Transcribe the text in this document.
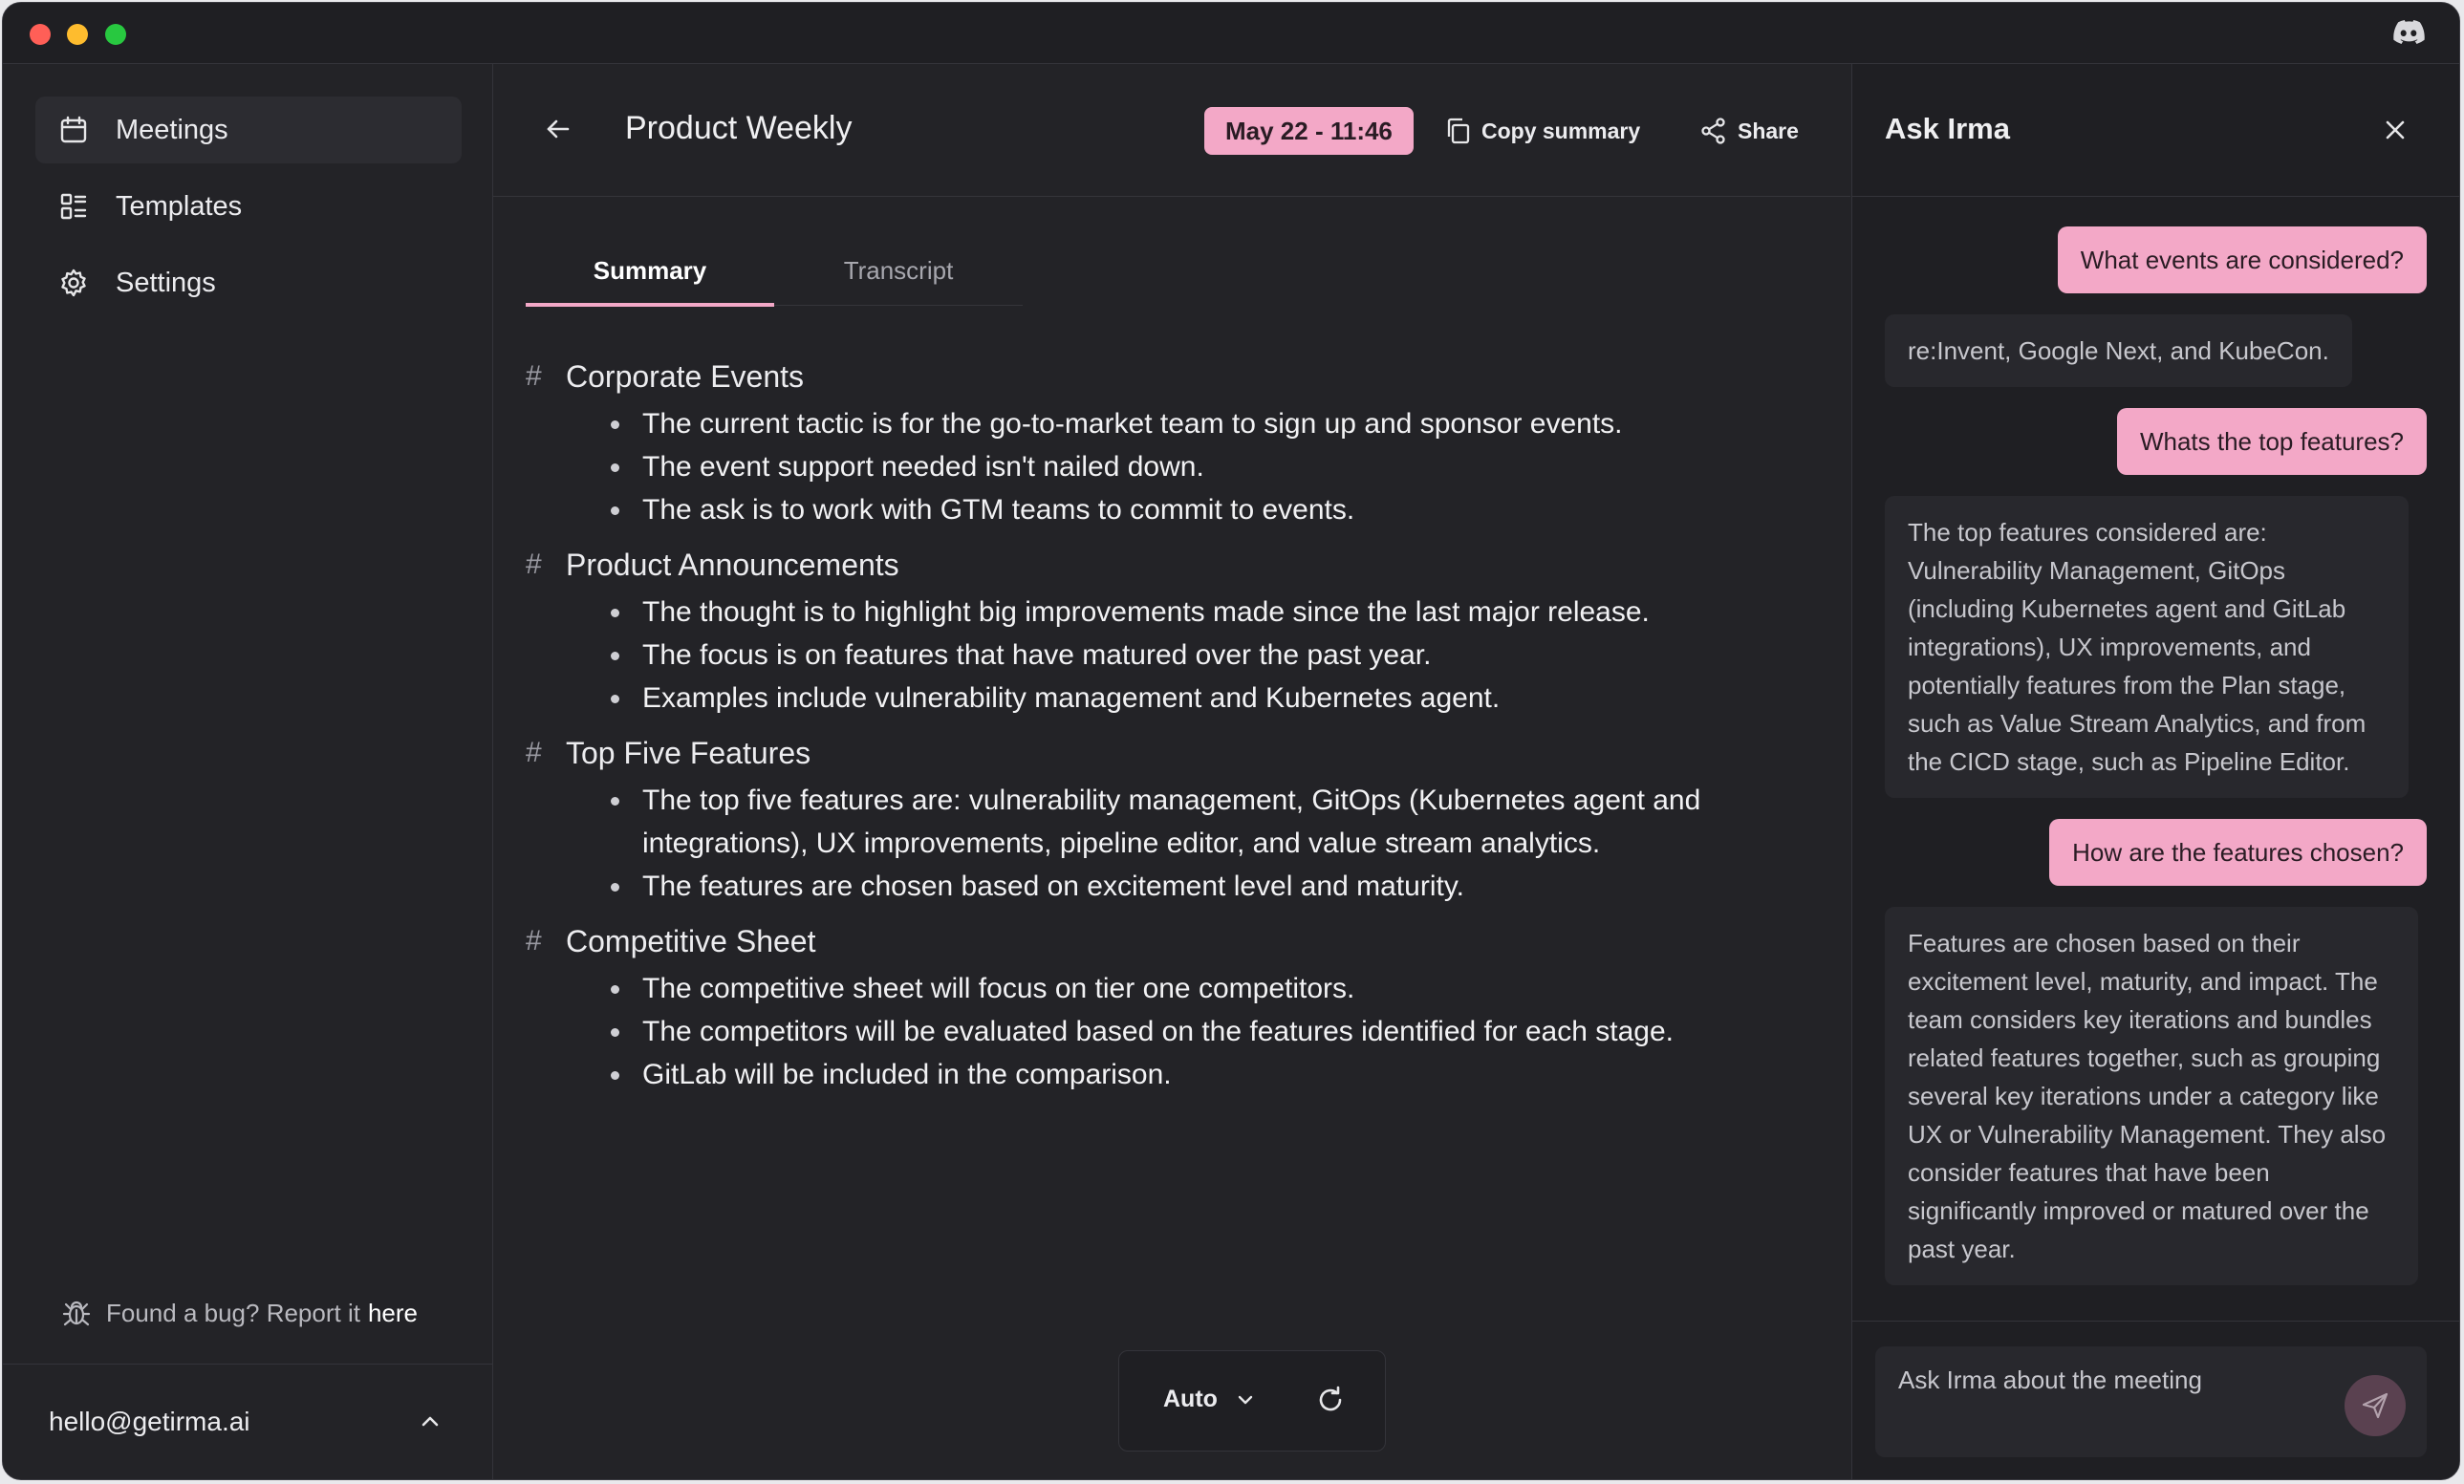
Meetings
Templates
Settings
Found a bug? Report it here
hello@getirma.ai
Product Weekly	May 22 - 11:46	Copy summary	Share
Summary	Transcript
# Corporate Events
The current tactic is for the go-to-market team to sign up and sponsor events.
The event support needed isn't nailed down.
The ask is to work with GTM teams to commit to events.
# Product Announcements
The thought is to highlight big improvements made since the last major release.
The focus is on features that have matured over the past year.
Examples include vulnerability management and Kubernetes agent.
# Top Five Features
The top five features are: vulnerability management, GitOps (Kubernetes agent and integrations), UX improvements, pipeline editor, and value stream analytics.
The features are chosen based on excitement level and maturity.
# Competitive Sheet
The competitive sheet will focus on tier one competitors.
The competitors will be evaluated based on the features identified for each stage.
GitLab will be included in the comparison.
Auto
Ask Irma
What events are considered?
re:Invent, Google Next, and KubeCon.
Whats the top features?
The top features considered are: Vulnerability Management, GitOps (including Kubernetes agent and GitLab integrations), UX improvements, and potentially features from the Plan stage, such as Value Stream Analytics, and from the CICD stage, such as Pipeline Editor.
How are the features chosen?
Features are chosen based on their excitement level, maturity, and impact. The team considers key iterations and bundles related features together, such as grouping several key iterations under a category like UX or Vulnerability Management. They also consider features that have been significantly improved or matured over the past year.
Ask Irma about the meeting
